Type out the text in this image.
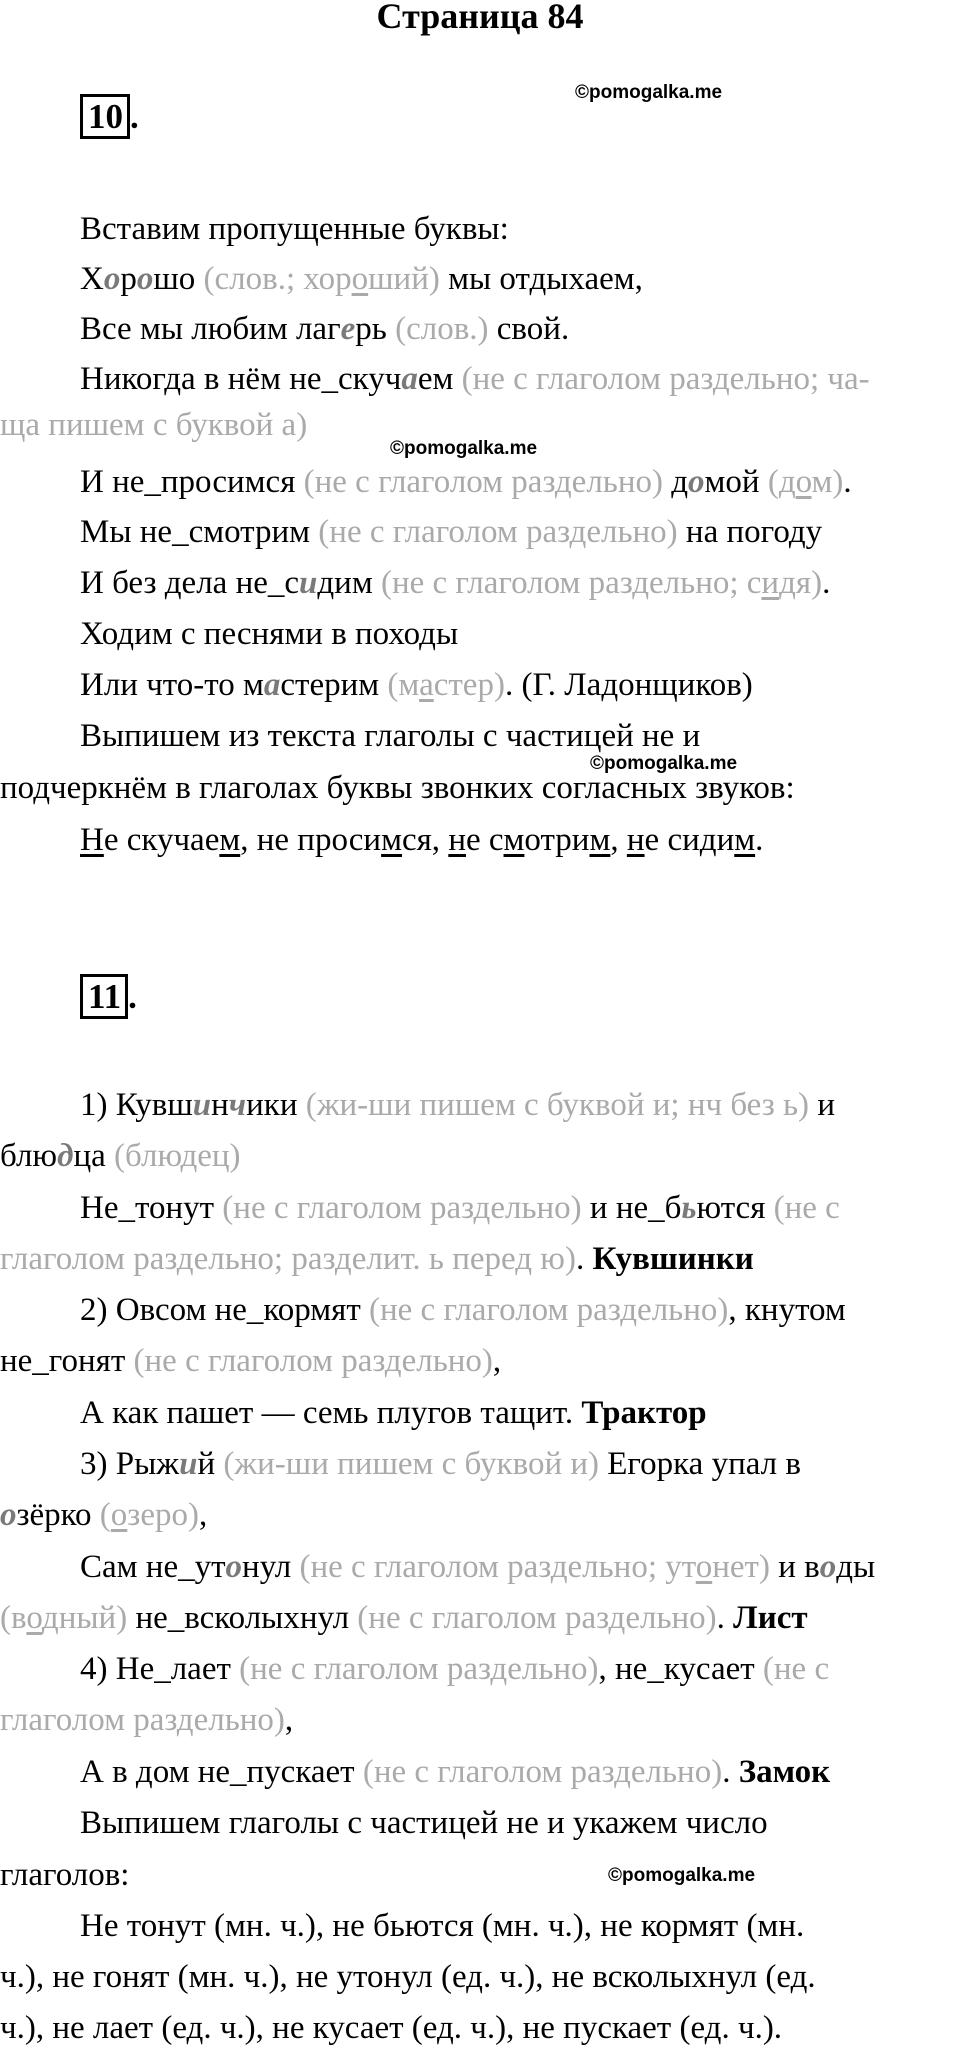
Страница 84
10 .
©pomogalka.me
Вставим пропущенные буквы:
Хорошо (слов.; хороший) мы отдыхаем,
Все мы любим лагерь (слов.) свой.
Никогда в нём не_скучаем (не с глаголом раздельно; ча-
ща пишем с буквой а)
©pomogalka.me
И не_просимся (не с глаголом раздельно) домой (дом).
Мы не_смотрим (не с глаголом раздельно) на погоду
И без дела не_сидим (не с глаголом раздельно; сидя).
Ходим с песнями в походы
Или что-то мастерим (мастер). (Г. Ладонщиков)
Выпишем из текста глаголы с частицей не и
©pomogalka.me
подчеркнём в глаголах буквы звонких согласных звуков:
Не скучаем, не просимся, не смотрим, не сидим.
11 .
1) Кувшинчики (жи-ши пишем с буквой и; нч без ь) и
блюдца (блюдец)
Не_тонут (не с глаголом раздельно) и не_бьются (не с
глаголом раздельно; разделит. ь перед ю). Кувшинки
2) Овсом не_кормят (не с глаголом раздельно), кнутом
не_гонят (не с глаголом раздельно),
А как пашет — семь плугов тащит. Трактор
3) Рыжий (жи-ши пишем с буквой и) Егорка упал в
озёрко (озеро),
Сам не_утонул (не с глаголом раздельно; утонет) и воды
(водный) не_всколыхнул (не с глаголом раздельно). Лист
4) Не_лает (не с глаголом раздельно), не_кусает (не с
глаголом раздельно),
А в дом не_пускает (не с глаголом раздельно). Замок
Выпишем глаголы с частицей не и укажем число
глаголов:	©pomogalka.me
Не тонут (мн. ч.), не бьются (мн. ч.), не кормят (мн.
ч.), не гонят (мн. ч.), не утонул (ед. ч.), не всколыхнул (ед.
ч.), не лает (ед. ч.), не кусает (ед. ч.), не пускает (ед. ч.).
